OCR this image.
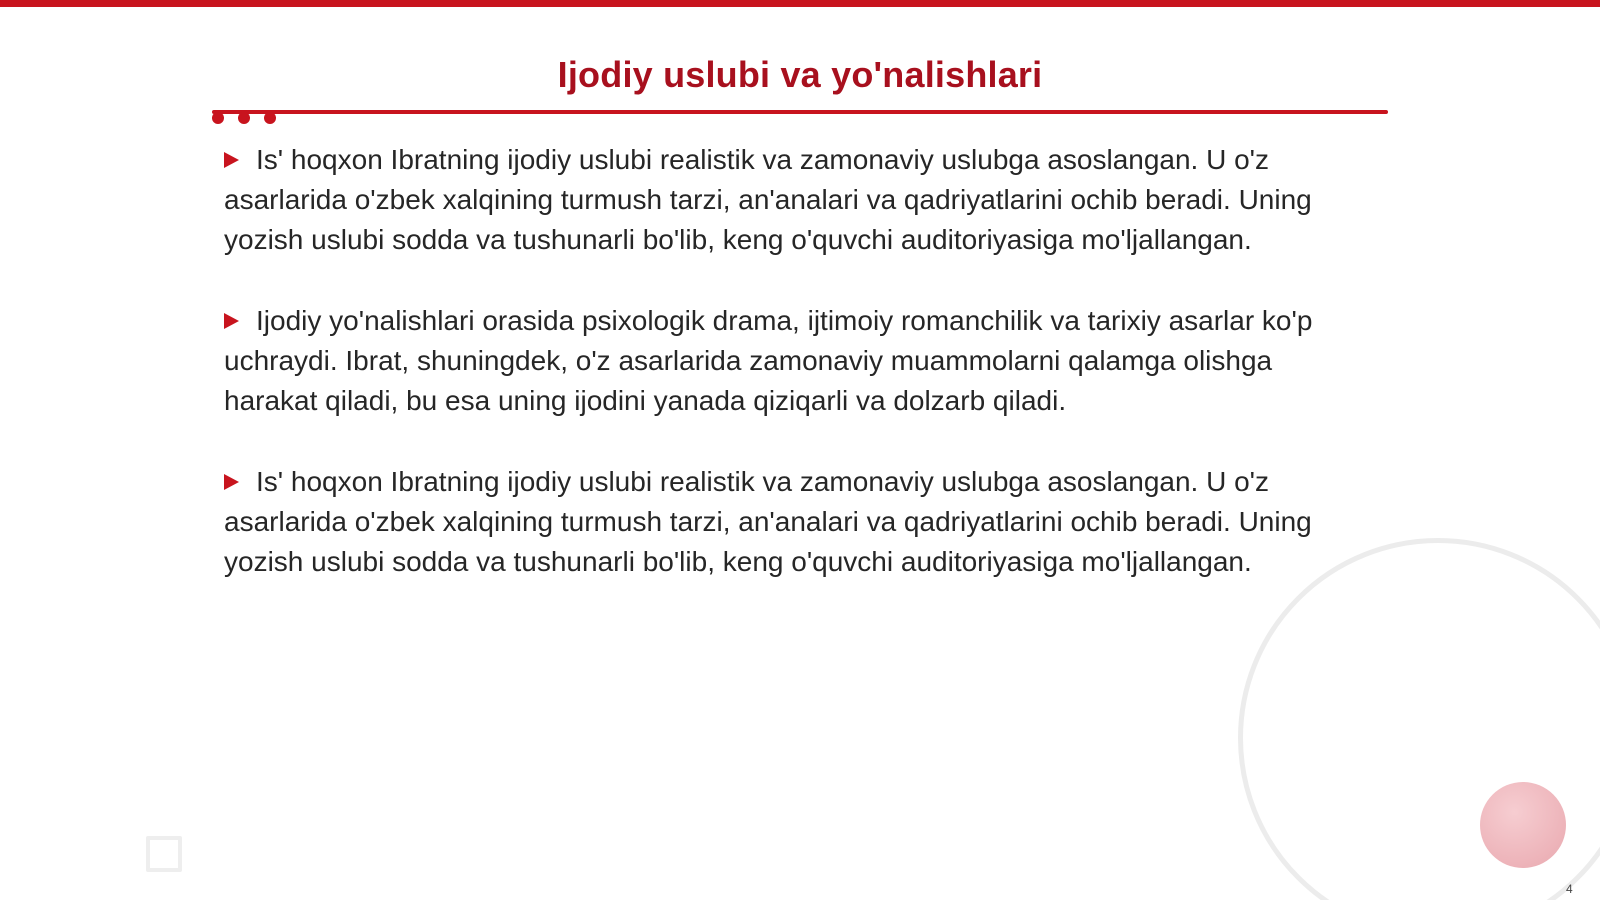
Ijodiy uslubi va yo'nalishlari

Is' hoqxon Ibratning ijodiy uslubi realistik va zamonaviy uslubga asoslangan. U o'z asarlarida o'zbek xalqining turmush tarzi, an'analari va qadriyatlarini ochib beradi. Uning yozish uslubi sodda va tushunarli bo'lib, keng o'quvchi auditoriyasiga mo'ljallangan.

Ijodiy yo'nalishlari orasida psixologik drama, ijtimoiy romanchilik va tarixiy asarlar ko'p uchraydi. Ibrat, shuningdek, o'z asarlarida zamonaviy muammolarni qalamga olishga harakat qiladi, bu esa uning ijodini yanada qiziqarli va dolzarb qiladi.

Is' hoqxon Ibratning ijodiy uslubi realistik va zamonaviy uslubga asoslangan. U o'z asarlarida o'zbek xalqining turmush tarzi, an'analari va qadriyatlarini ochib beradi. Uning yozish uslubi sodda va tushunarli bo'lib, keng o'quvchi auditoriyasiga mo'ljallangan.

4
